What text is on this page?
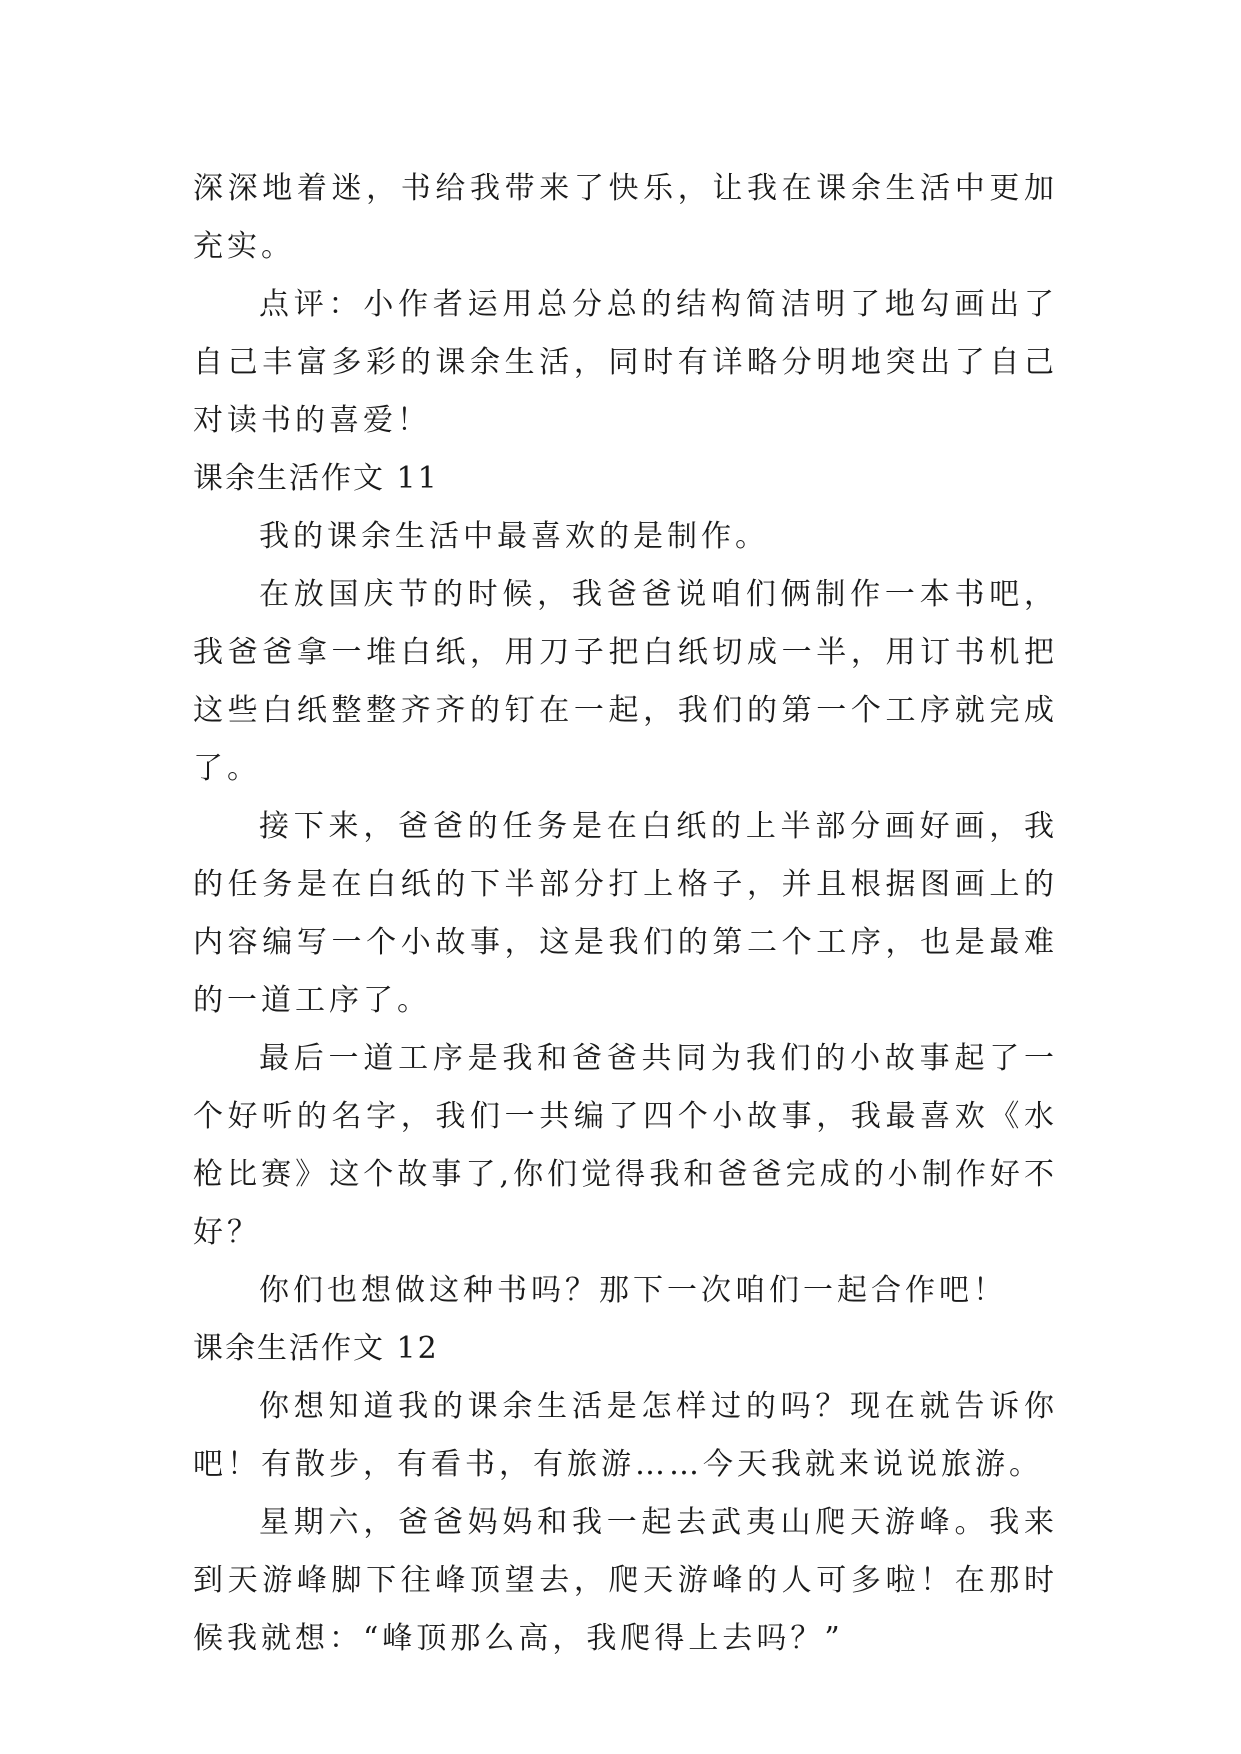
深深地着迷，书给我带来了快乐，让我在课余生活中更加充实。

点评：小作者运用总分总的结构简洁明了地勾画出了自己丰富多彩的课余生活，同时有详略分明地突出了自己对读书的喜爱！

课余生活作文 11

我的课余生活中最喜欢的是制作。

在放国庆节的时候，我爸爸说咱们俩制作一本书吧，我爸爸拿一堆白纸，用刀子把白纸切成一半，用订书机把这些白纸整整齐齐的钉在一起，我们的第一个工序就完成了。

接下来，爸爸的任务是在白纸的上半部分画好画，我的任务是在白纸的下半部分打上格子，并且根据图画上的内容编写一个小故事，这是我们的第二个工序，也是最难的一道工序了。

最后一道工序是我和爸爸共同为我们的小故事起了一个好听的名字，我们一共编了四个小故事，我最喜欢《水枪比赛》这个故事了,你们觉得我和爸爸完成的小制作好不好？

你们也想做这种书吗？那下一次咱们一起合作吧！

课余生活作文 12

你想知道我的课余生活是怎样过的吗？现在就告诉你吧！有散步，有看书，有旅游……今天我就来说说旅游。

星期六，爸爸妈妈和我一起去武夷山爬天游峰。我来到天游峰脚下往峰顶望去，爬天游峰的人可多啦！在那时候我就想：“峰顶那么高，我爬得上去吗？”
